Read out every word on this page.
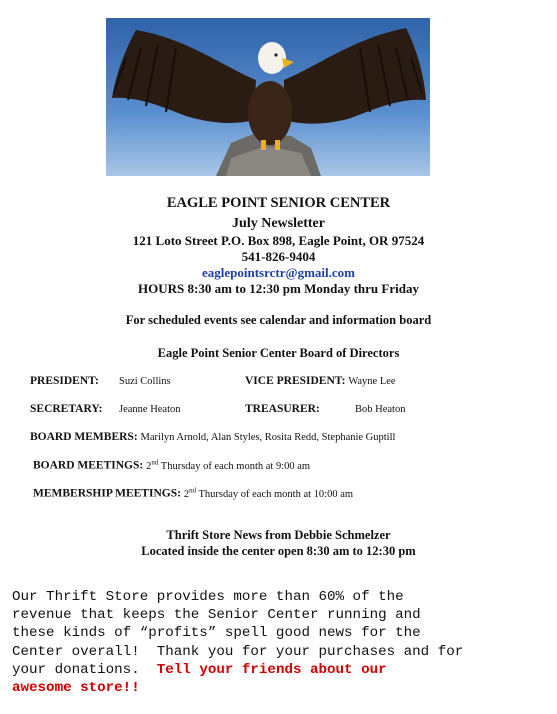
EAGLE POINT SENIOR CENTER
July Newsletter
121 Loto Street P.O. Box 898, Eagle Point, OR 97524
541-826-9404
eaglepointsrctr@gmail.com
HOURS 8:30 am to 12:30 pm Monday thru Friday
For scheduled events see calendar and information board
Eagle Point Senior Center Board of Directors
PRESIDENT: Suzi Collins	VICE PRESIDENT: Wayne Lee
SECRETARY: Jeanne Heaton	TREASURER:	Bob Heaton
BOARD MEMBERS: Marilyn Arnold, Alan Styles, Rosita Redd, Stephanie Guptill
BOARD MEETINGS: 2nd Thursday of each month at 9:00 am
MEMBERSHIP MEETINGS: 2nd Thursday of each month at 10:00 am
Thrift Store News from Debbie Schmelzer
Located inside the center open 8:30 am to 12:30 pm
Our Thrift Store provides more than 60% of the
revenue that keeps the Senior Center running and
these kinds of “profits” spell good news for the
Center overall!  Thank you for your purchases and for
your donations.  Tell your friends about our
awesome store!!
